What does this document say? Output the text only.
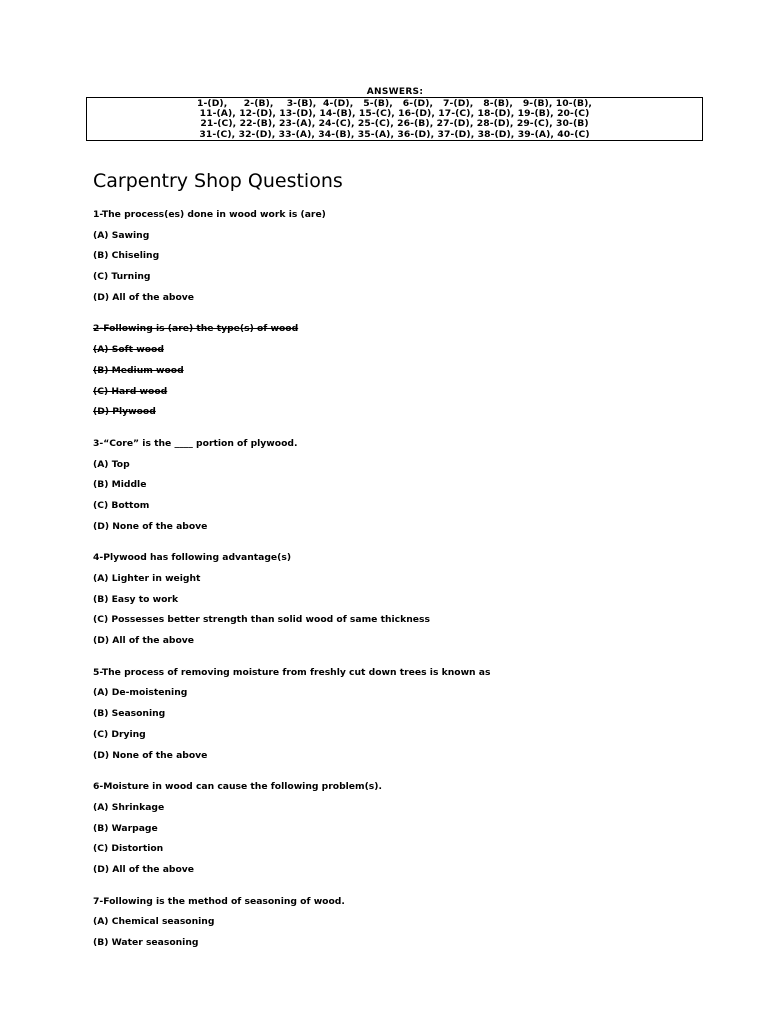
ANSWERS:
1-(D),     2-(B),    3-(B),  4-(D),   5-(B),   6-(D),   7-(D),   8-(B),   9-(B), 10-(B),
11-(A), 12-(D), 13-(D), 14-(B), 15-(C), 16-(D), 17-(C), 18-(D), 19-(B), 20-(C)
21-(C), 22-(B), 23-(A), 24-(C), 25-(C), 26-(B), 27-(D), 28-(D), 29-(C), 30-(B)
31-(C), 32-(D), 33-(A), 34-(B), 35-(A), 36-(D), 37-(D), 38-(D), 39-(A), 40-(C)
Carpentry Shop Questions
1-The process(es) done in wood work is (are)
(A) Sawing
(B) Chiseling
(C) Turning
(D) All of the above
2-Following is (are) the type(s) of wood
(A) Soft wood
(B) Medium wood
(C) Hard wood
(D) Plywood
3-“Core” is the ____ portion of plywood.
(A) Top
(B) Middle
(C) Bottom
(D) None of the above
4-Plywood has following advantage(s)
(A) Lighter in weight
(B) Easy to work
(C) Possesses better strength than solid wood of same thickness
(D) All of the above
5-The process of removing moisture from freshly cut down trees is known as
(A) De-moistening
(B) Seasoning
(C) Drying
(D) None of the above
6-Moisture in wood can cause the following problem(s).
(A) Shrinkage
(B) Warpage
(C) Distortion
(D) All of the above
7-Following is the method of seasoning of wood.
(A) Chemical seasoning
(B) Water seasoning
